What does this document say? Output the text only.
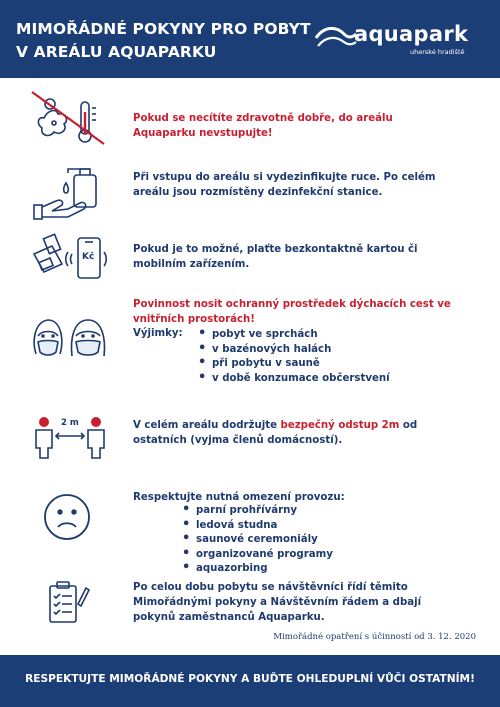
MIMOŘÁDNÉ POKYNY PRO POBYT
V AREÁLU AQUAPARKU
aquapark
uherské hradiště
Pokud se necítíte zdravotně dobře, do areálu Aquaparku nevstupujte!
Při vstupu do areálu si vydezinfikujte ruce. Po celém areálu jsou rozmístěny dezinfekční stanice.
Kč
Pokud je to možné, plaťte bezkontaktně kartou či mobilním zařízením.
Povinnost nosit ochranný prostředek dýchacích cest ve vnitřních prostorách!
Výjimky:
•	pobyt ve sprchách
• v bazénových halách
• při pobytu v sauně
• v době konzumace občerstvení
2 m	V celém areálu dodržujte bezpečný odstup 2m od ostatních (vyjma členů domácností).
Respektujte nutná omezení provozu:
• parní prohřívárny
• ledová studna
• saunové ceremoniály
• organizované programy
• aquazorbing
Po celou dobu pobytu se návštěvníci řídí těmito Mimořádnými pokyny a Návštěvním řádem a dbají pokynů zaměstnanců Aquaparku.
Mimořádné opatření s účinností od 3. 12. 2020
RESPEKTUJTE MIMOŘÁDNÉ POKYNY A BUĎTE OHLEDUPLNÍ VŮČI OSTATNÍM!
